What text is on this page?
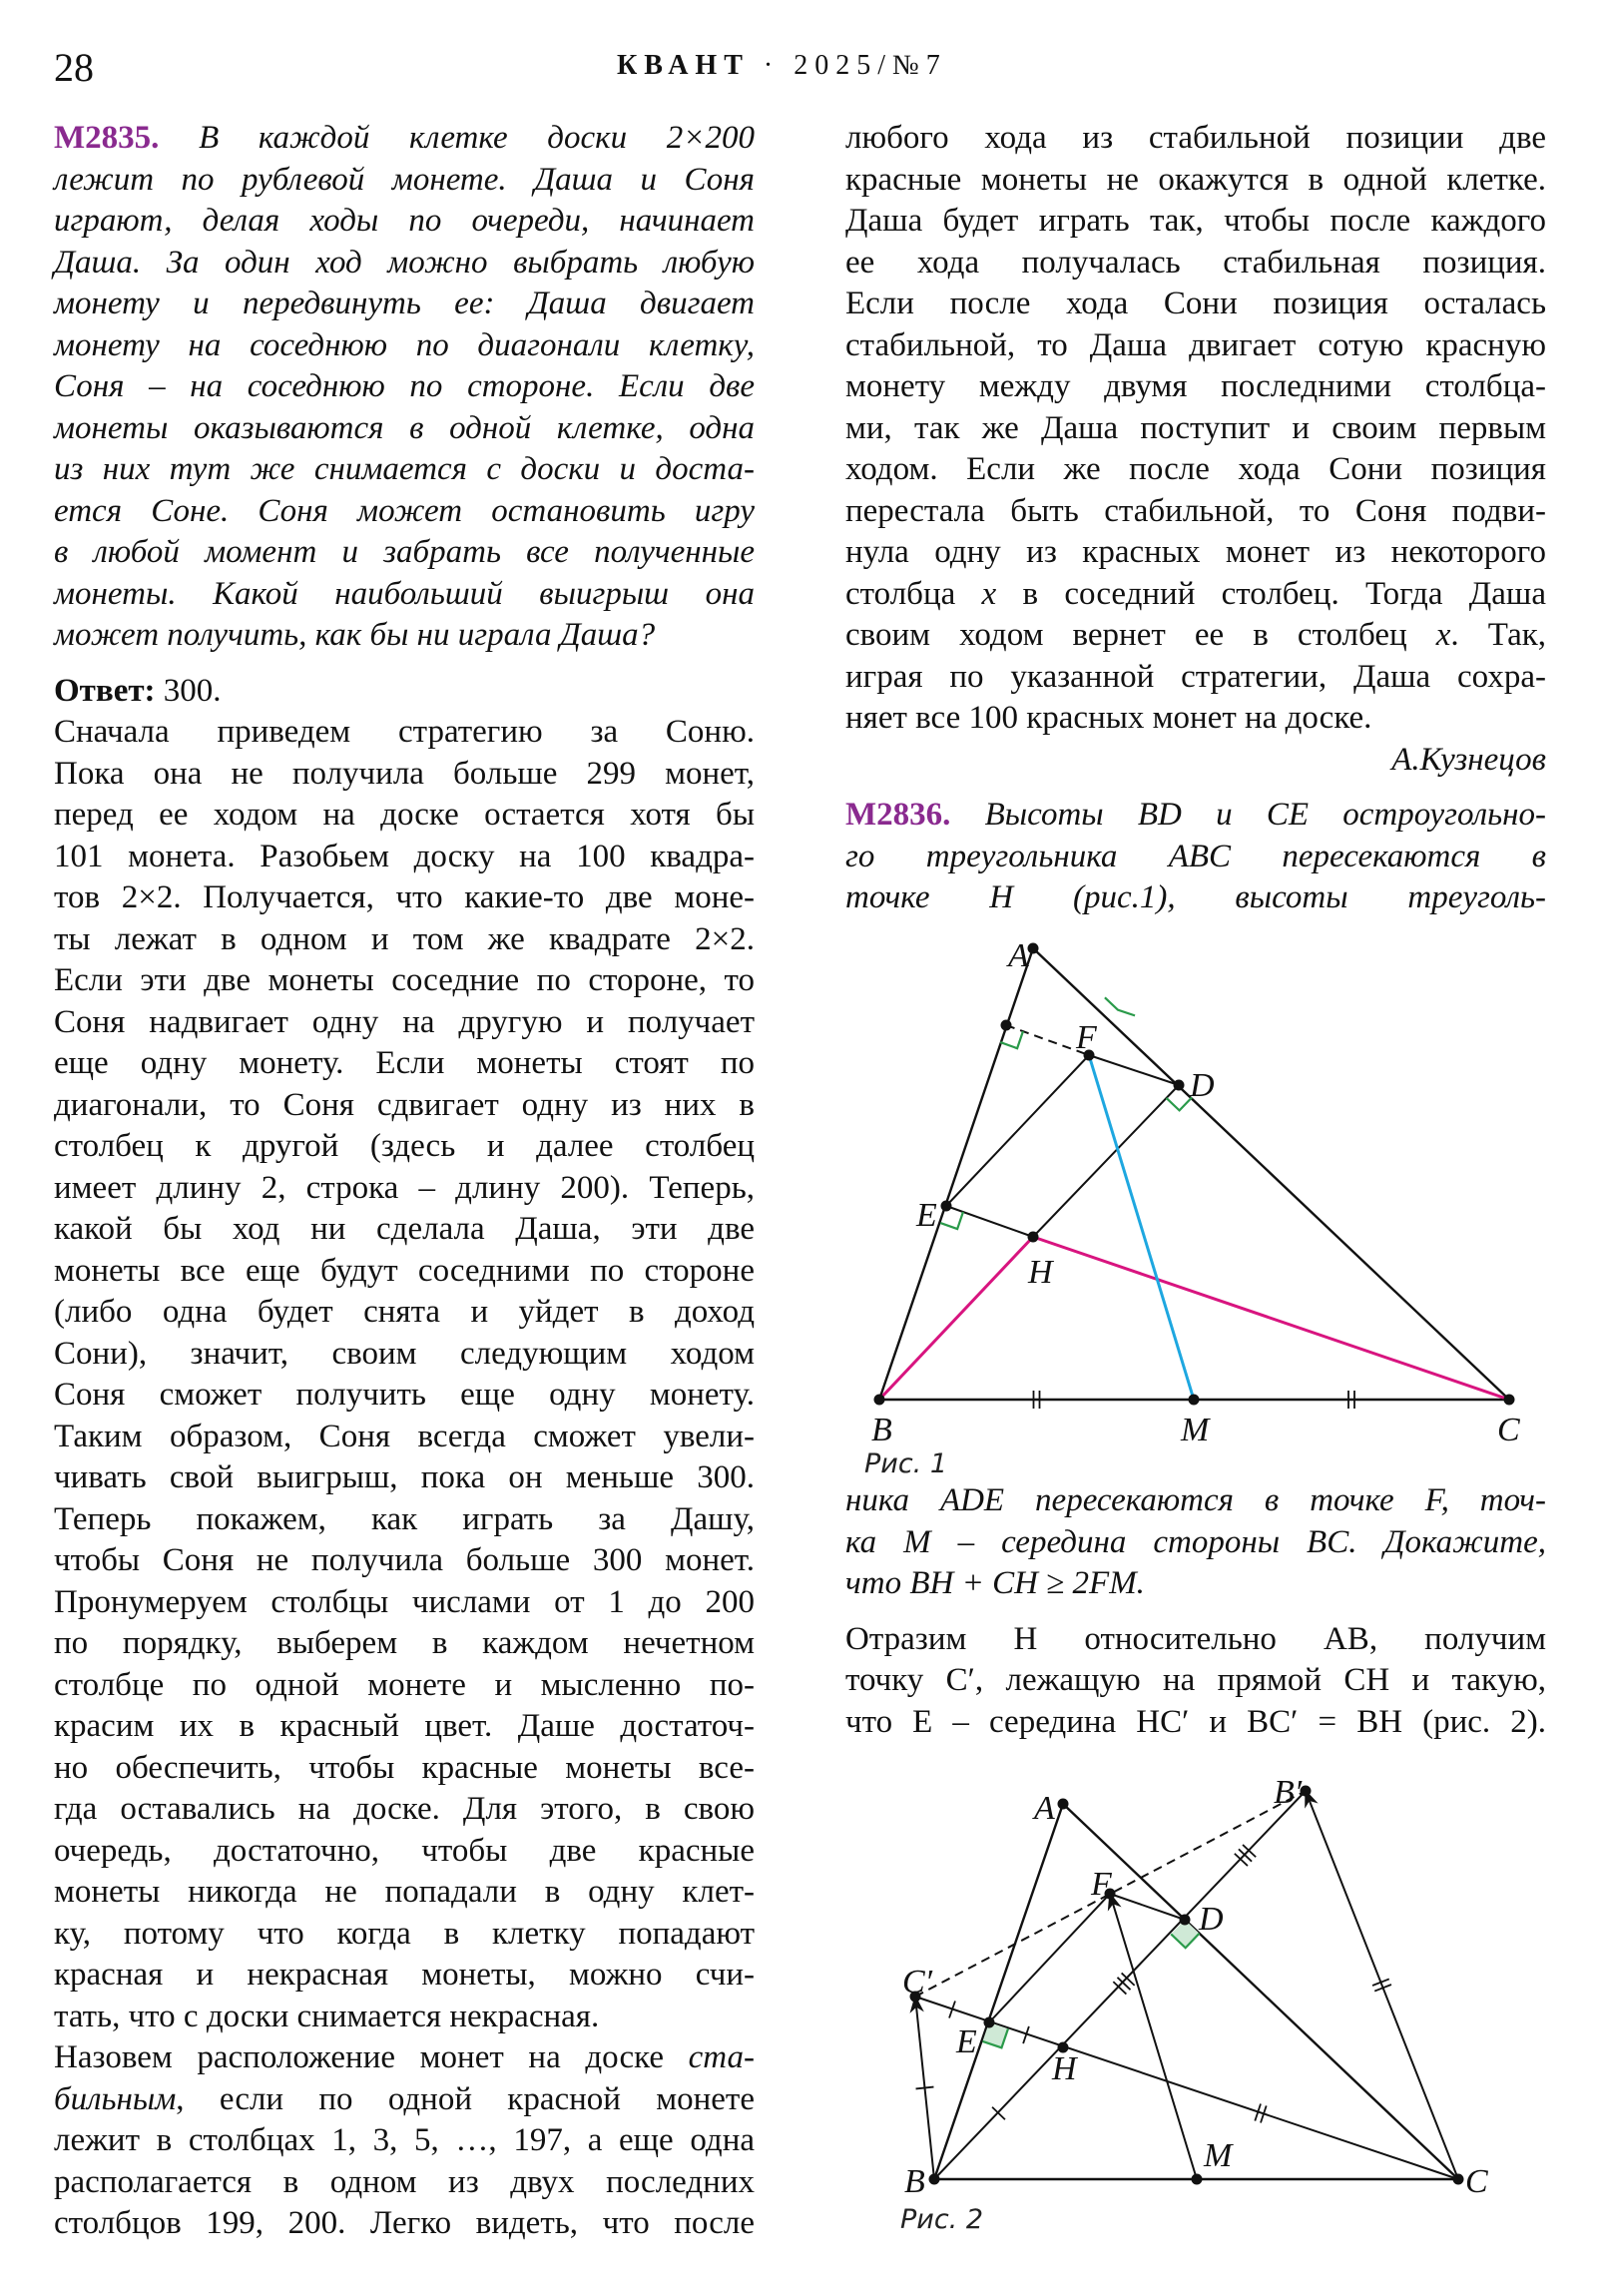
28	КВАНТ · 2025/№7

М2835. В каждой клетке доски 2×200

лежит по рублевой монете. Даша и Соня

играют, делая ходы по очереди, начинает

Даша. За один ход можно выбрать любую

монету и передвинуть ее: Даша двигает

монету на соседнюю по диагонали клетку,

Соня – на соседнюю по стороне. Если две

монеты оказываются в одной клетке, одна

из них тут же снимается с доски и доста-

ется Соне. Соня может остановить игру

в любой момент и забрать все полученные

монеты. Какой наибольший выигрыш она

может получить, как бы ни играла Даша?

Ответ: 300.

Сначала приведем стратегию за Соню.

Пока она не получила больше 299 монет,

перед ее ходом на доске остается хотя бы

101 монета. Разобьем доску на 100 квадра-

тов 2×2. Получается, что какие-то две моне-

ты лежат в одном и том же квадрате 2×2.

Если эти две монеты соседние по стороне, то

Соня надвигает одну на другую и получает

еще одну монету. Если монеты стоят по

диагонали, то Соня сдвигает одну из них в

столбец к другой (здесь и далее столбец

имеет длину 2, строка – длину 200). Теперь,

какой бы ход ни сделала Даша, эти две

монеты все еще будут соседними по стороне

(либо одна будет снята и уйдет в доход

Сони), значит, своим следующим ходом

Соня сможет получить еще одну монету.

Таким образом, Соня всегда сможет увели-

чивать свой выигрыш, пока он меньше 300.

Теперь покажем, как играть за Дашу,

чтобы Соня не получила больше 300 монет.

Пронумеруем столбцы числами от 1 до 200

по порядку, выберем в каждом нечетном

столбце по одной монете и мысленно по-

красим их в красный цвет. Даше достаточ-

но обеспечить, чтобы красные монеты все-

гда оставались на доске. Для этого, в свою

очередь, достаточно, чтобы две красные

монеты никогда не попадали в одну клет-

ку, потому что когда в клетку попадают

красная и некрасная монеты, можно счи-

тать, что с доски снимается некрасная.

Назовем расположение монет на доске ста-

бильным, если по одной красной монете

лежит в столбцах 1, 3, 5, …, 197, а еще одна

располагается в одном из двух последних

столбцов 199, 200. Легко видеть, что после

любого хода из стабильной позиции две

красные монеты не окажутся в одной клетке.

Даша будет играть так, чтобы после каждого

ее хода получалась стабильная позиция.

Если после хода Сони позиция осталась

стабильной, то Даша двигает сотую красную

монету между двумя последними столбца-

ми, так же Даша поступит и своим первым

ходом. Если же после хода Сони позиция

перестала быть стабильной, то Соня подви-

нула одну из красных монет из некоторого

столбца x в соседний столбец. Тогда Даша

своим ходом вернет ее в столбец x. Так,

играя по указанной стратегии, Даша сохра-

няет все 100 красных монет на доске.

А.Кузнецов

М2836. Высоты BD и CE остроугольно-

го треугольника ABC пересекаются в

точке H (рис.1), высоты треуголь-

ника ADE пересекаются в точке F, точ-

ка M – середина стороны BC. Докажите,

что BH + CH ≥ 2FM.

Отразим H относительно AB, получим

точку C′, лежащую на прямой CH и такую,

что E – середина HC′ и BC′ = BH (рис. 2).

A
B	C
M
E
H
D
F
Рис. 1
A	B′
F
D
C′
E
H
B
M
C
Рис. 2
